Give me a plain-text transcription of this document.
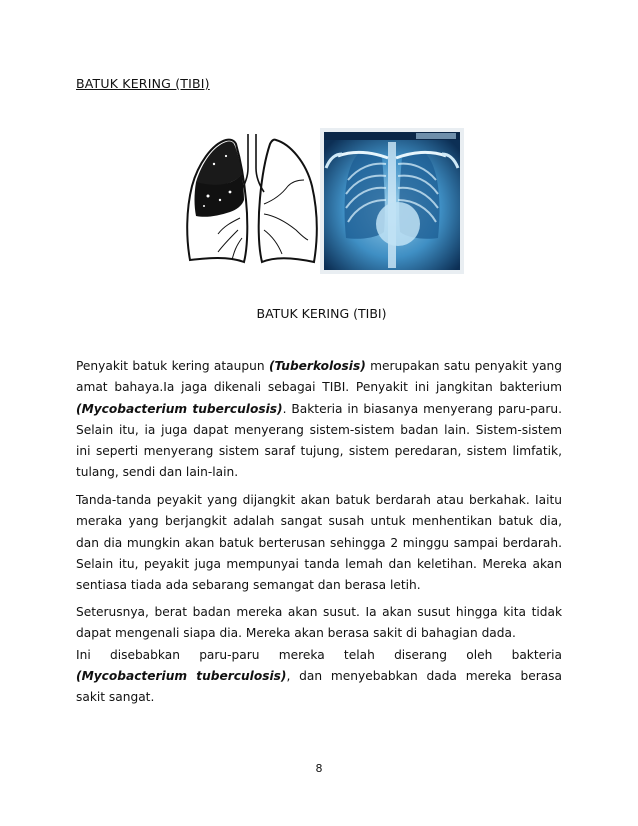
BATUK KERING (TIBI)
BATUK KERING (TIBI)

Penyakit batuk kering ataupun (Tuberkolosis) merupakan satu penyakit yang amat bahaya.Ia jaga dikenali sebagai TIBI. Penyakit ini jangkitan bakterium (Mycobacterium tuberculosis). Bakteria in biasanya menyerang paru-paru. Selain itu, ia juga dapat menyerang sistem-sistem badan lain. Sistem-sistem ini seperti menyerang sistem saraf tujung, sistem peredaran, sistem limfatik, tulang, sendi dan lain-lain.

Tanda-tanda peyakit yang dijangkit akan batuk berdarah atau berkahak. Iaitu meraka yang berjangkit adalah sangat susah untuk menhentikan batuk dia, dan dia mungkin akan batuk berterusan sehingga 2 minggu sampai berdarah. Selain itu, peyakit juga mempunyai tanda lemah dan keletihan. Mereka akan sentiasa tiada ada sebarang semangat dan berasa letih.

Seterusnya, berat badan mereka akan susut. Ia akan susut hingga kita tidak dapat mengenali siapa dia. Mereka akan berasa sakit di bahagian dada.
Ini disebabkan paru-paru mereka telah diserang oleh bakteria (Mycobacterium tuberculosis), dan menyebabkan dada mereka berasa sakit sangat.

8
